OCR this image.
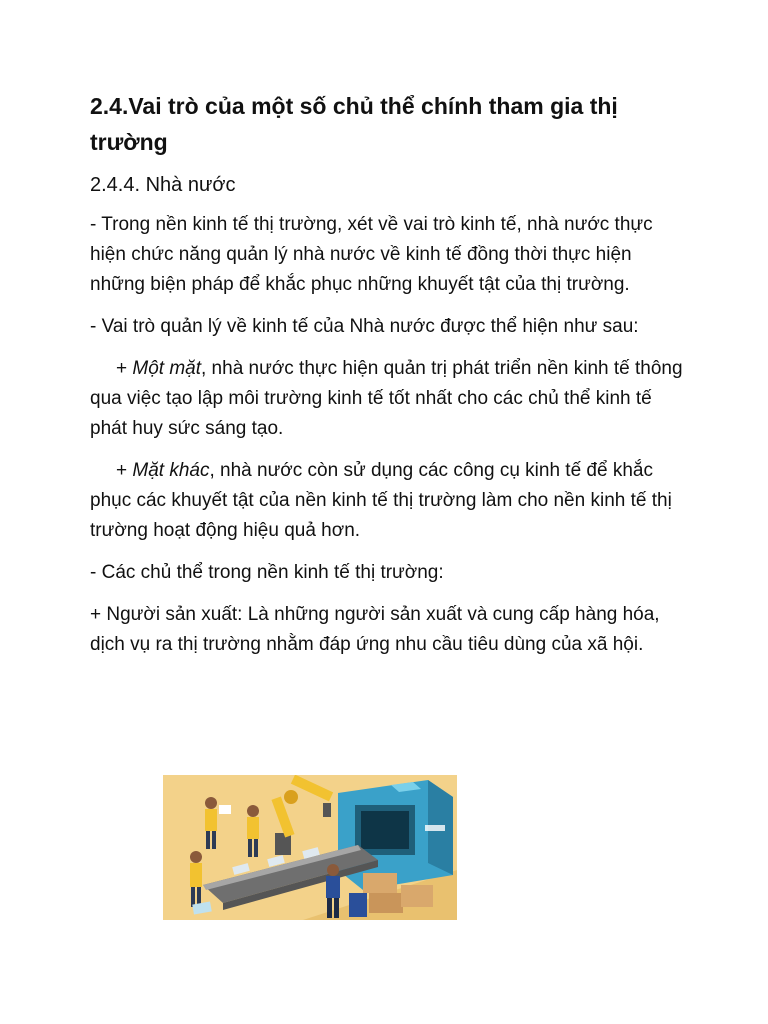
2.4.Vai trò của một số chủ thể chính tham gia thị trường
2.4.4. Nhà nước

- Trong nền kinh tế thị trường, xét về vai trò kinh tế, nhà nước thực hiện chức năng quản lý nhà nước về kinh tế đồng thời thực hiện những biện pháp để khắc phục những khuyết tật của thị trường.

- Vai trò quản lý về kinh tế của Nhà nước được thể hiện như sau:

+ Một mặt, nhà nước thực hiện quản trị phát triển nền kinh tế thông qua việc tạo lập môi trường kinh tế tốt nhất cho các chủ thể kinh tế phát huy sức sáng tạo.

+ Mặt khác, nhà nước còn sử dụng các công cụ kinh tế để khắc phục các khuyết tật của nền kinh tế thị trường làm cho nền kinh tế thị trường hoạt động hiệu quả hơn.

- Các chủ thể trong nền kinh tế thị trường:

+ Người sản xuất: Là những người sản xuất và cung cấp hàng hóa, dịch vụ ra thị trường nhằm đáp ứng nhu cầu tiêu dùng của xã hội.
